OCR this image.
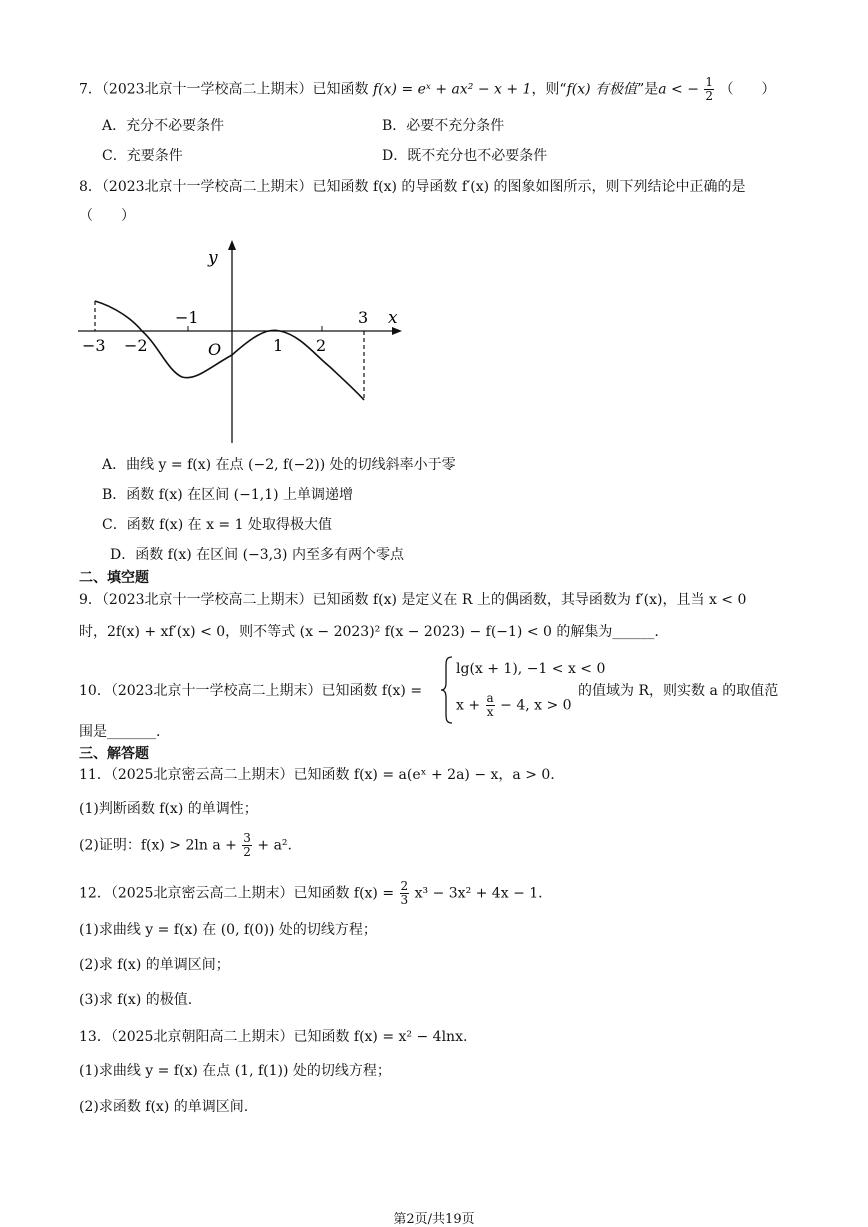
7．（2023北京十一学校高二上期末）已知函数 f(x) = eˣ + ax² − x + 1，则“f(x) 有极值”是a < − $\frac{1}{2}$ （　　）
A．充分不必要条件	B．必要不充分条件
C．充要条件	D．既不充分也不必要条件
8．（2023北京十一学校高二上期末）已知函数 f(x) 的导函数 f′(x) 的图象如图所示，则下列结论中正确的是
（　　）
y
x
O
−3 −2
−1
1 2
3
A．曲线 y = f(x) 在点 (−2, f(−2)) 处的切线斜率小于零
B．函数 f(x) 在区间 (−1,1) 上单调递增
C．函数 f(x) 在 x = 1 处取得极大值
D．函数 f(x) 在区间 (−3,3) 内至多有两个零点
二、填空题
9．（2023北京十一学校高二上期末）已知函数 f(x) 是定义在 R 上的偶函数，其导函数为 f′(x)，且当 x < 0
时，2f(x) + xf′(x) < 0，则不等式 (x − 2023)² f(x − 2023) − f(−1) < 0 的解集为______.
10．（2023北京十一学校高二上期末）已知函数 f(x) =
lg(x + 1), −1 < x < 0
$x + \frac{a}{x} - 4$, x > 0
的值域为 R，则实数 a 的取值范
围是_______.
三、解答题
11．（2025北京密云高二上期末）已知函数 f(x) = a(eˣ + 2a) − x，a > 0.
(1)判断函数 f(x) 的单调性；
(2)证明：f(x) > 2ln $a + \frac{3}{2} + a^2$.
12．（2025北京密云高二上期末）已知函数 $f(x) = \frac{2}{3} x^3 - 3x^2 + 4x - 1$.
(1)求曲线 y = f(x) 在 (0, f(0)) 处的切线方程；
(2)求 f(x) 的单调区间；
(3)求 f(x) 的极值.
13．（2025北京朝阳高二上期末）已知函数 f(x) = x² − 4lnx.
(1)求曲线 y = f(x) 在点 (1, f(1)) 处的切线方程；
(2)求函数 f(x) 的单调区间.
第2页/共19页
